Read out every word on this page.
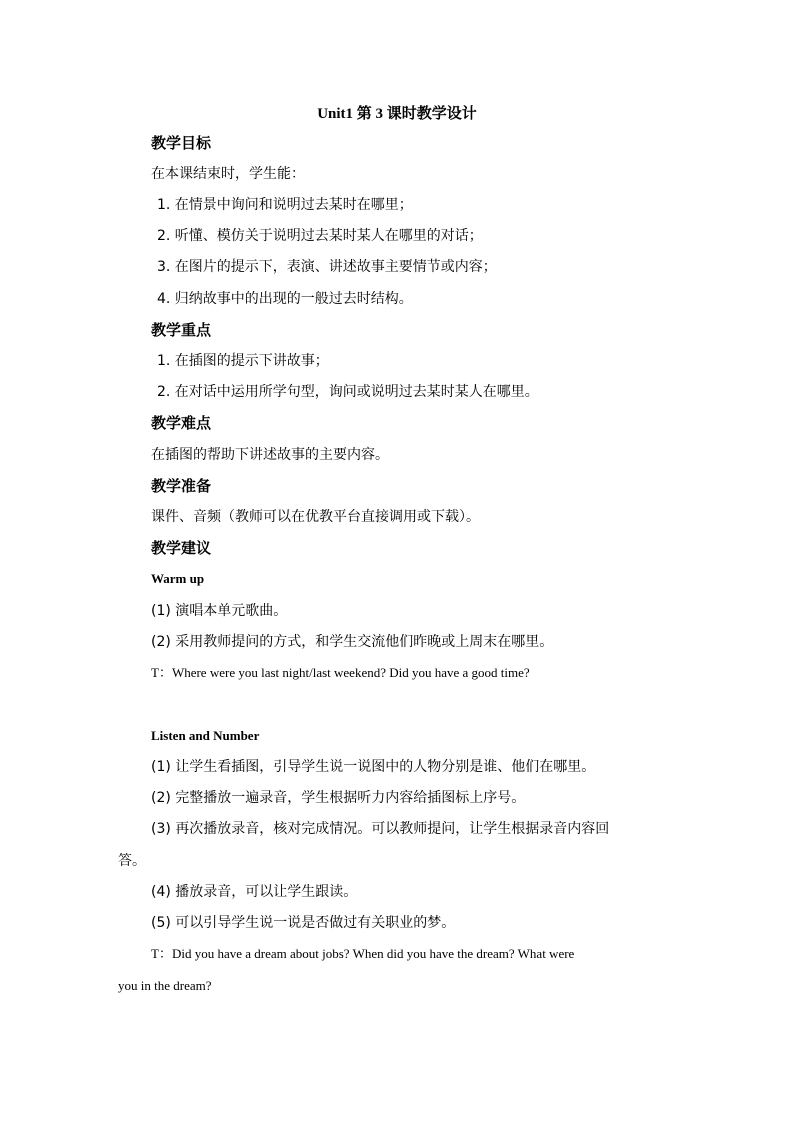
Unit1 第 3 课时教学设计
教学目标
在本课结束时，学生能：
1. 在情景中询问和说明过去某时在哪里；
2. 听懂、模仿关于说明过去某时某人在哪里的对话；
3. 在图片的提示下，表演、讲述故事主要情节或内容；
4. 归纳故事中的出现的一般过去时结构。
教学重点
1. 在插图的提示下讲故事；
2. 在对话中运用所学句型，询问或说明过去某时某人在哪里。
教学难点
在插图的帮助下讲述故事的主要内容。
教学准备
课件、音频（教师可以在优教平台直接调用或下载）。
教学建议
Warm up
(1) 演唱本单元歌曲。
(2) 采用教师提问的方式，和学生交流他们昨晚或上周末在哪里。
T：Where were you last night/last weekend? Did you have a good time?
Listen and Number
(1) 让学生看插图，引导学生说一说图中的人物分别是谁、他们在哪里。
(2) 完整播放一遍录音，学生根据听力内容给插图标上序号。
(3) 再次播放录音，核对完成情况。可以教师提问，让学生根据录音内容回
答。
(4) 播放录音，可以让学生跟读。
(5) 可以引导学生说一说是否做过有关职业的梦。
T：Did you have a dream about jobs? When did you have the dream? What were
you in the dream?
